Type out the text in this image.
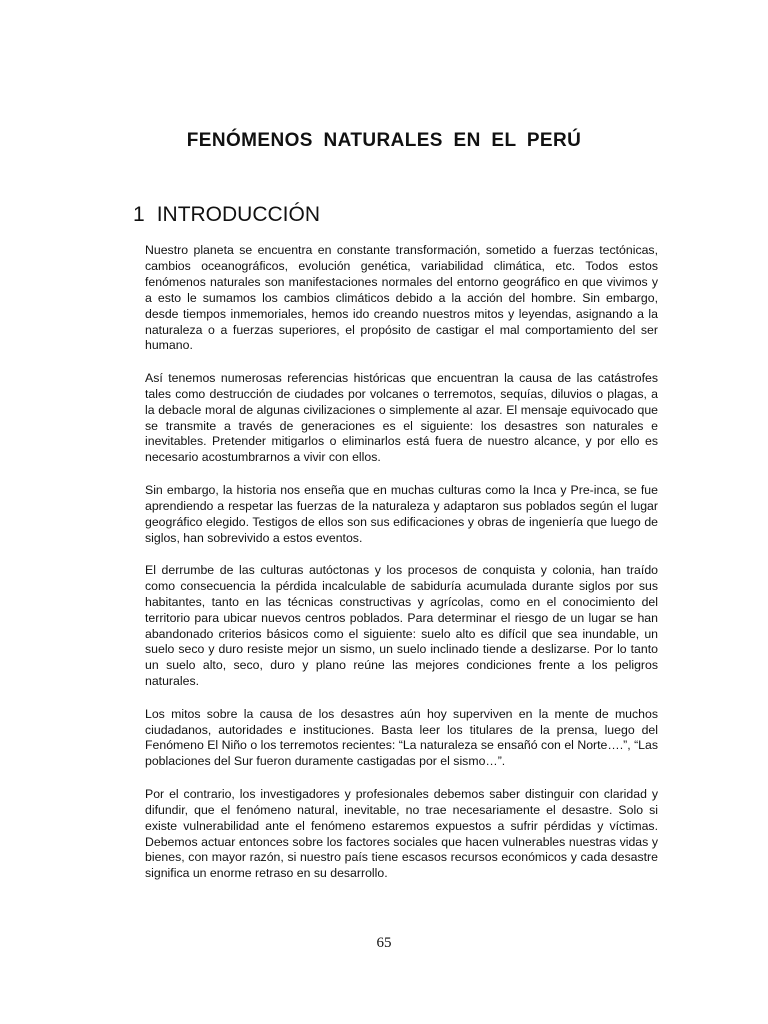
FENÓMENOS NATURALES EN EL PERÚ
1 INTRODUCCIÓN

Nuestro planeta se encuentra en constante transformación, sometido a fuerzas tectónicas, cambios oceanográficos, evolución genética, variabilidad climática, etc. Todos estos fenómenos naturales son manifestaciones normales del entorno geográfico en que vivimos y a esto le sumamos los cambios climáticos debido a la acción del hombre. Sin embargo, desde tiempos inmemoriales, hemos ido creando nuestros mitos y leyendas, asignando a la naturaleza o a fuerzas superiores, el propósito de castigar el mal comportamiento del ser humano.

Así tenemos numerosas referencias históricas que encuentran la causa de las catástrofes tales como destrucción de ciudades por volcanes o terremotos, sequías, diluvios o plagas, a la debacle moral de algunas civilizaciones o simplemente al azar. El mensaje equivocado que se transmite a través de generaciones es el siguiente: los desastres son naturales e inevitables. Pretender mitigarlos o eliminarlos está fuera de nuestro alcance, y por ello es necesario acostumbrarnos a vivir con ellos.

Sin embargo, la historia nos enseña que en muchas culturas como la Inca y Pre-inca, se fue aprendiendo a respetar las fuerzas de la naturaleza y adaptaron sus poblados según el lugar geográfico elegido. Testigos de ellos son sus edificaciones y obras de ingeniería que luego de siglos, han sobrevivido a estos eventos.

El derrumbe de las culturas autóctonas y los procesos de conquista y colonia, han traído como consecuencia la pérdida incalculable de sabiduría acumulada durante siglos por sus habitantes, tanto en las técnicas constructivas y agrícolas, como en el conocimiento del territorio para ubicar nuevos centros poblados. Para determinar el riesgo de un lugar se han abandonado criterios básicos como el siguiente: suelo alto es difícil que sea inundable, un suelo seco y duro resiste mejor un sismo, un suelo inclinado tiende a deslizarse. Por lo tanto un suelo alto, seco, duro y plano reúne las mejores condiciones frente a los peligros naturales.

Los mitos sobre la causa de los desastres aún hoy superviven en la mente de muchos ciudadanos, autoridades e instituciones. Basta leer los titulares de la prensa, luego del Fenómeno El Niño o los terremotos recientes: “La naturaleza se ensañó con el Norte….”, “Las poblaciones del Sur fueron duramente castigadas por el sismo…”.

Por el contrario, los investigadores y profesionales debemos saber distinguir con claridad y difundir, que el fenómeno natural, inevitable, no trae necesariamente el desastre. Solo si existe vulnerabilidad ante el fenómeno estaremos expuestos a sufrir pérdidas y víctimas. Debemos actuar entonces sobre los factores sociales que hacen vulnerables nuestras vidas y bienes, con mayor razón, si nuestro país tiene escasos recursos económicos y cada desastre significa un enorme retraso en su desarrollo.

65
